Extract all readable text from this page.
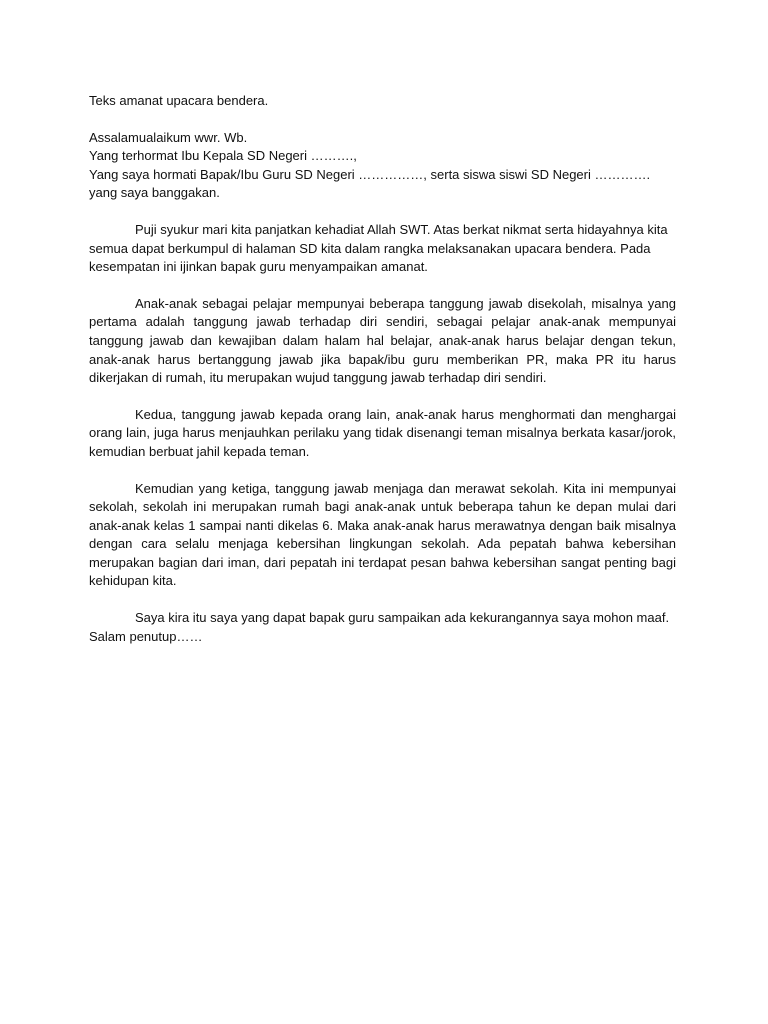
Teks amanat upacara bendera.

Assalamualaikum wwr. Wb.

Yang terhormat Ibu Kepala SD Negeri ……….,

Yang saya hormati Bapak/Ibu Guru SD Negeri ……………, serta siswa siswi SD Negeri …………. yang saya banggakan.

Puji syukur mari kita panjatkan kehadiat Allah SWT. Atas berkat nikmat serta hidayahnya kita semua dapat berkumpul di halaman SD kita dalam rangka melaksanakan upacara bendera. Pada kesempatan ini ijinkan bapak guru menyampaikan amanat.

Anak-anak sebagai pelajar mempunyai beberapa tanggung jawab disekolah, misalnya yang pertama adalah tanggung jawab terhadap diri sendiri, sebagai pelajar anak-anak mempunyai tanggung jawab dan kewajiban dalam halam hal belajar, anak-anak harus belajar dengan tekun, anak-anak harus bertanggung jawab jika bapak/ibu guru memberikan PR, maka PR itu harus dikerjakan di rumah, itu merupakan wujud tanggung jawab terhadap diri sendiri.

Kedua, tanggung jawab kepada orang lain, anak-anak harus menghormati dan menghargai orang lain, juga harus menjauhkan perilaku yang tidak disenangi teman misalnya berkata kasar/jorok, kemudian berbuat jahil kepada teman.

Kemudian yang ketiga, tanggung jawab menjaga dan merawat sekolah. Kita ini mempunyai sekolah, sekolah ini merupakan rumah bagi anak-anak untuk beberapa tahun ke depan mulai dari anak-anak kelas 1 sampai nanti dikelas 6. Maka anak-anak harus merawatnya dengan baik misalnya dengan cara selalu menjaga kebersihan lingkungan sekolah. Ada pepatah bahwa kebersihan merupakan bagian dari iman, dari pepatah ini terdapat pesan bahwa kebersihan sangat penting bagi kehidupan kita.

Saya kira itu saya yang dapat bapak guru sampaikan ada kekurangannya saya mohon maaf.

Salam penutup……
